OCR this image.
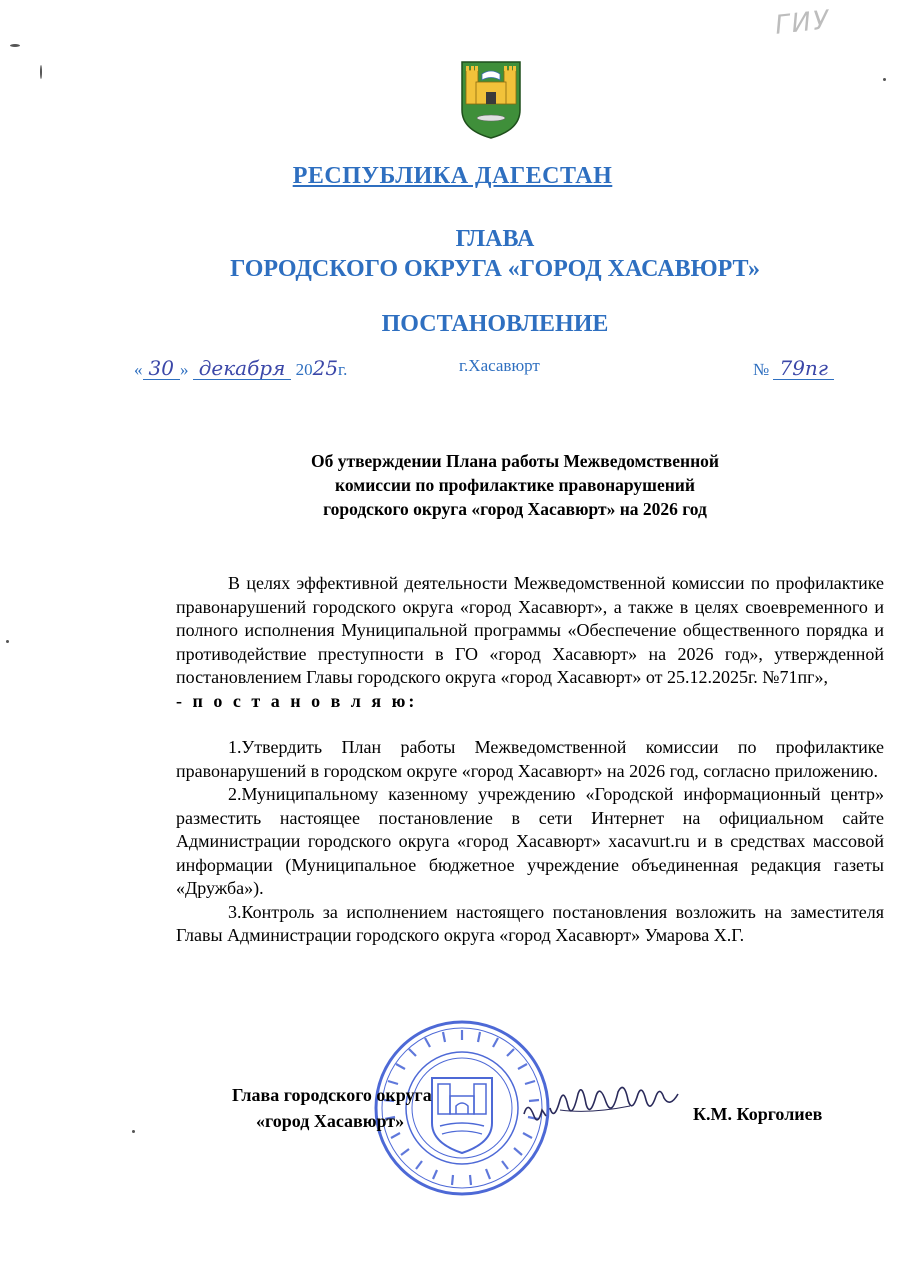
ГИУ
РЕСПУБЛИКА ДАГЕСТАН
ГЛАВА
ГОРОДСКОГО ОКРУГА «ГОРОД ХАСАВЮРТ»
ПОСТАНОВЛЕНИЕ
« 30 » декабря 2025г.	г.Хасавюрт	№ 79пг
Об утверждении Плана работы Межведомственной
комиссии по профилактике правонарушений
городского округа «город Хасавюрт» на 2026 год

В целях эффективной деятельности Межведомственной комиссии по профилактике правонарушений городского округа «город Хасавюрт», а также в целях своевременного и полного исполнения Муниципальной программы «Обеспечение общественного порядка и противодействие преступности в ГО «город Хасавюрт» на 2026 год», утвержденной постановлением Главы городского округа «город Хасавюрт» от 25.12.2025г. №71пг»,

- п о с т а н о в л я ю:

1.Утвердить План работы Межведомственной комиссии по профилактике правонарушений в городском округе «город Хасавюрт» на 2026 год, согласно приложению.

2.Муниципальному казенному учреждению «Городской информационный центр» разместить настоящее постановление в сети Интернет на официальном сайте Администрации городского округа «город Хасавюрт» xacavurt.ru и в средствах массовой информации (Муниципальное бюджетное учреждение объединенная редакция газеты «Дружба»).

3.Контроль за исполнением настоящего постановления возложить на заместителя Главы Администрации городского округа «город Хасавюрт» Умарова Х.Г.

Глава городского округа
«город Хасавюрт»	К.М. Корголиев
